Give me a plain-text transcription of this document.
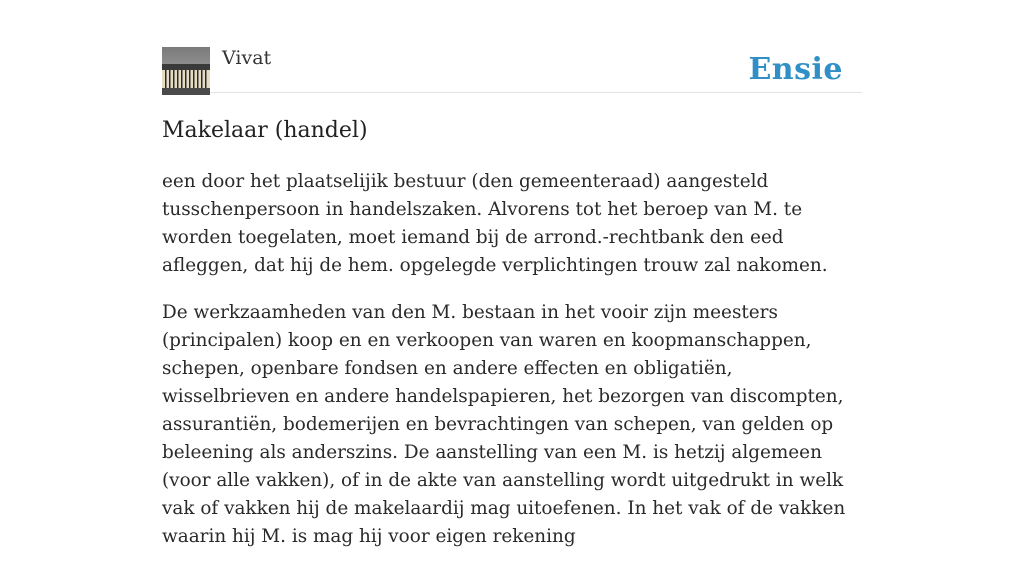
Vivat	Ensie
Makelaar (handel)

een door het plaatselijik bestuur (den gemeenteraad) aangesteld tusschenpersoon in handelszaken. Alvorens tot het beroep van M. te worden toegelaten, moet iemand bij de arrond.-rechtbank den eed afleggen, dat hij de hem. opgelegde verplichtingen trouw zal nakomen.

De werkzaamheden van den M. bestaan in het vooir zijn meesters (principalen) koop en en verkoopen van waren en koopmanschappen, schepen, openbare fondsen en andere effecten en obligatiën, wisselbrieven en andere handelspapieren, het bezorgen van discompten, assurantiën, bodemerijen en bevrachtingen van schepen, van gelden op beleening als anderszins. De aanstelling van een M. is hetzij algemeen (voor alle vakken), of in de akte van aanstelling wordt uitgedrukt in welk vak of vakken hij de makelaardij mag uitoefenen. In het vak of de vakken waarin hij M. is mag hij voor eigen rekening
